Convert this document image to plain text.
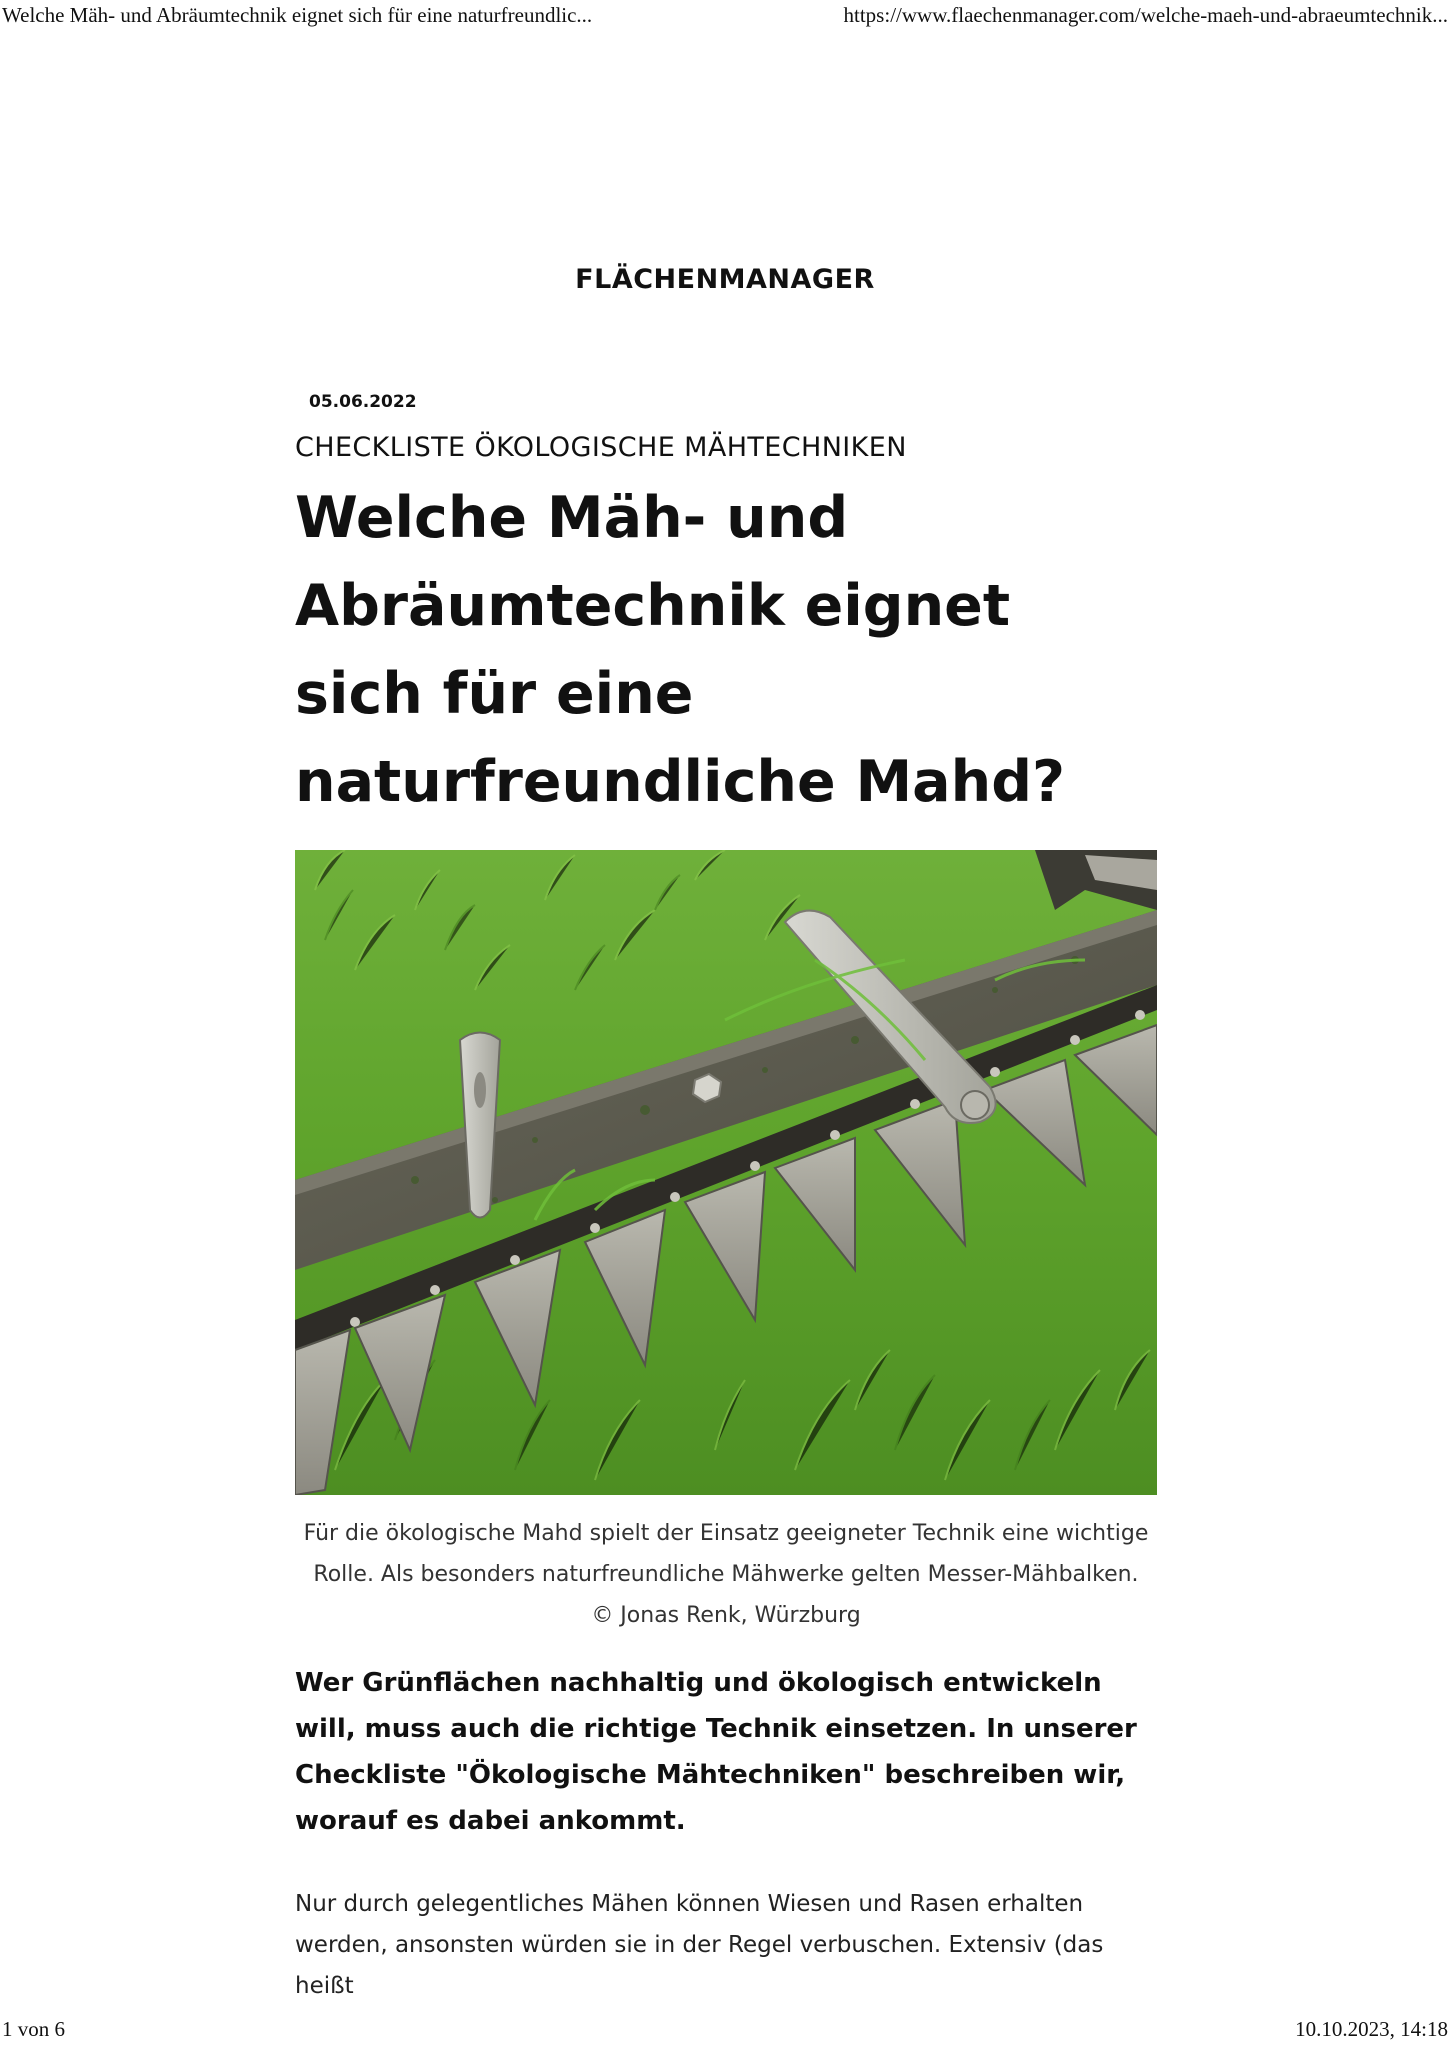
Welche Mäh- und Abräumtechnik eignet sich für eine naturfreundlic...	https://www.flaechenmanager.com/welche-maeh-und-abraeumtechnik...
FLÄCHENMANAGER
05.06.2022
CHECKLISTE ÖKOLOGISCHE MÄHTECHNIKEN
Welche Mäh- und Abräumtechnik eignet sich für eine naturfreundliche Mahd?
Für die ökologische Mahd spielt der Einsatz geeigneter Technik eine wichtige Rolle. Als besonders naturfreundliche Mähwerke gelten Messer-Mähbalken.
© Jonas Renk, Würzburg

Wer Grünflächen nachhaltig und ökologisch entwickeln will, muss auch die richtige Technik einsetzen. In unserer Checkliste "Ökologische Mähtechniken" beschreiben wir, worauf es dabei ankommt.

Nur durch gelegentliches Mähen können Wiesen und Rasen erhalten werden, ansonsten würden sie in der Regel verbuschen. Extensiv (das heißt

1 von 6	10.10.2023, 14:18
